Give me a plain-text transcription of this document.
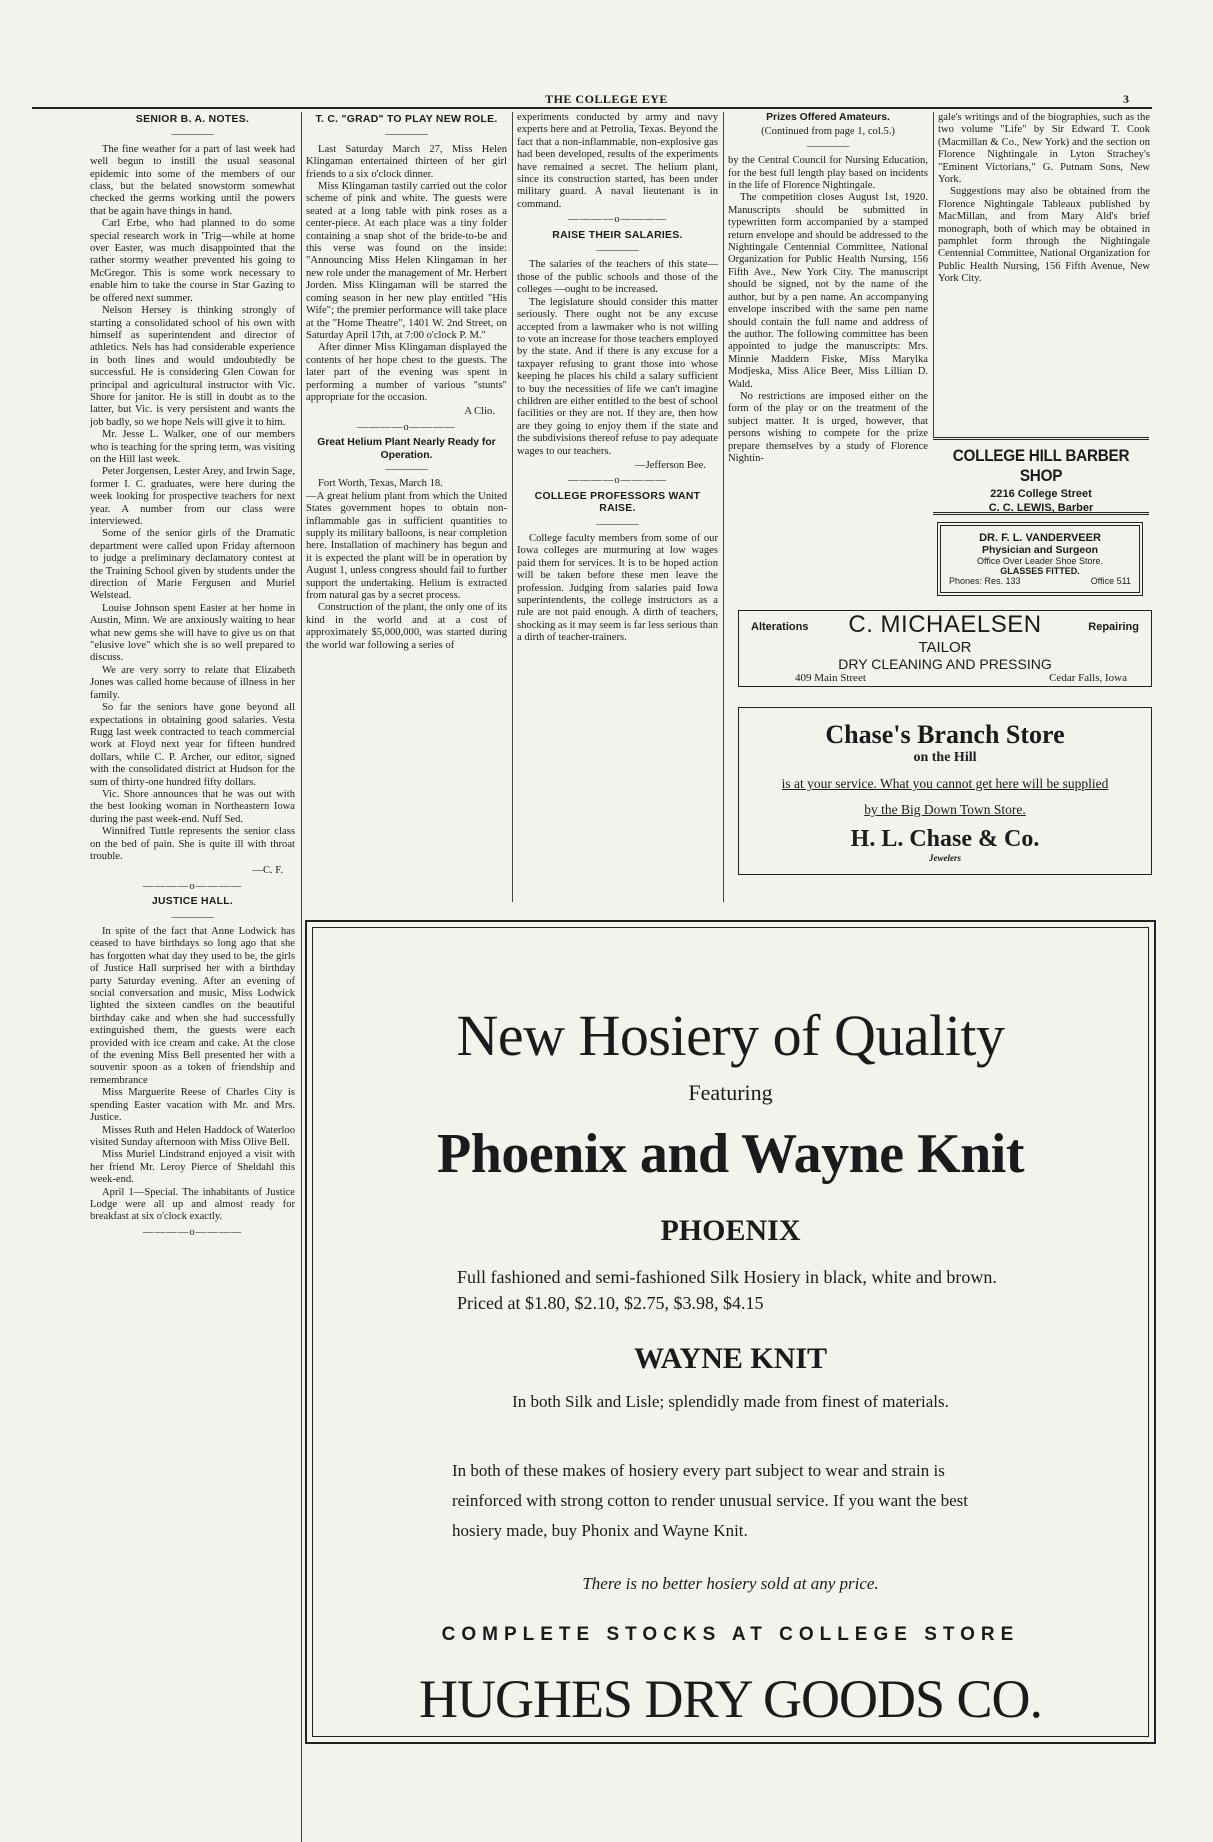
THE COLLEGE EYE	3
SENIOR B. A. NOTES.
————

The fine weather for a part of last week had well begun to instill the usual seasonal epidemic into some of the members of our class, but the belated snowstorm somewhat checked the germs working until the powers that be again have things in hand.

Carl Erbe, who had planned to do some special research work in 'Trig—while at home over Easter, was much disappointed that the rather stormy weather prevented his going to McGregor. This is some work necessary to enable him to take the course in Star Gazing to be offered next summer.

Nelson Hersey is thinking strongly of starting a consolidated school of his own with himself as superintendent and director of athletics. Nels has had considerable experience in both lines and would undoubtedly be successful. He is considering Glen Cowan for principal and agricultural instructor with Vic. Shore for janitor. He is still in doubt as to the latter, but Vic. is very persistent and wants the job badly, so we hope Nels will give it to him.

Mr. Jesse L. Walker, one of our members who is teaching for the spring term, was visiting on the Hill last week.

Peter Jorgensen, Lester Arey, and Irwin Sage, former I. C. graduates, were here during the week looking for prospective teachers for next year. A number from our class were interviewed.

Some of the senior girls of the Dramatic department were called upon Friday afternoon to judge a preliminary declamatory contest at the Training School given by students under the direction of Marie Fergusen and Muriel Welstead.

Louise Johnson spent Easter at her home in Austin, Minn. We are anxiously waiting to hear what new gems she will have to give us on that "elusive love" which she is so well prepared to discuss.

We are very sorry to relate that Elizabeth Jones was called home because of illness in her family.

So far the seniors have gone beyond all expectations in obtaining good salaries. Vesta Rugg last week contracted to teach commercial work at Floyd next year for fifteen hundred dollars, while C. P. Archer, our editor, signed with the consolidated district at Hudson for the sum of thirty-one hundred fifty dollars.

Vic. Shore announces that he was out with the best looking woman in Northeastern Iowa during the past week-end. Nuff Sed.

Winnifred Tuttle represents the senior class on the bed of pain. She is quite ill with throat trouble.

—C. F.
————o————
JUSTICE HALL.
————

In spite of the fact that Anne Lodwick has ceased to have birthdays so long ago that she has forgotten what day they used to be, the girls of Justice Hall surprised her with a birthday party Saturday evening. After an evening of social conversation and music, Miss Lodwick lighted the sixteen candles on the beautiful birthday cake and when she had successfully extinguished them, the guests were each provided with ice cream and cake. At the close of the evening Miss Bell presented her with a souvenir spoon as a token of friendship and remembrance

Miss Marguerite Reese of Charles City is spending Easter vacation with Mr. and Mrs. Justice.

Misses Ruth and Helen Haddock of Waterloo visited Sunday afternoon with Miss Olive Bell.

Miss Muriel Lindstrand enjoyed a visit with her friend Mr. Leroy Pierce of Sheldahl this week-end.

April 1—Special. The inhabitants of Justice Lodge were all up and almost ready for breakfast at six o'clock exactly.

————o————
T. C. "GRAD" TO PLAY NEW ROLE.
————

Last Saturday March 27, Miss Helen Klingaman entertained thirteen of her girl friends to a six o'clock dinner.

Miss Klingaman tastily carried out the color scheme of pink and white. The guests were seated at a long table with pink roses as a center-piece. At each place was a tiny folder containing a snap shot of the bride-to-be and this verse was found on the inside: "Announcing Miss Helen Klingaman in her new role under the management of Mr. Herbert Jorden. Miss Klingaman will be starred the coming season in her new play entitled "His Wife"; the premier performance will take place at the "Home Theatre", 1401 W. 2nd Street, on Saturday April 17th, at 7:00 o'clock P. M."

After dinner Miss Klingaman displayed the contents of her hope chest to the guests. The later part of the evening was spent in performing a number of various "stunts" appropriate for the occasion.

A Clio.
————o————
Great Helium Plant Nearly Ready for Operation.
————

Fort Worth, Texas, March 18.

—A great helium plant from which the United States government hopes to obtain non-inflammable gas in sufficient quantities to supply its military balloons, is near completion here. Installation of machinery has begun and it is expected the plant will be in operation by August 1, unless congress should fail to further support the undertaking. Helium is extracted from natural gas by a secret process.

Construction of the plant, the only one of its kind in the world and at a cost of approximately $5,000,000, was started during the world war following a series of

experiments conducted by army and navy experts here and at Petrolia, Texas. Beyond the fact that a non-inflammable, non-explosive gas had been developed, results of the experiments have remained a secret. The helium plant, since its construction started, has been under military guard. A naval lieutenant is in command.

————o————
RAISE THEIR SALARIES.
————

The salaries of the teachers of this state—those of the public schools and those of the colleges —ought to be increased.

The legislature should consider this matter seriously. There ought not be any excuse accepted from a lawmaker who is not willing to vote an increase for those teachers employed by the state. And if there is any excuse for a taxpayer refusing to grant those into whose keeping he places his child a salary sufficient to buy the necessities of life we can't imagine children are either entitled to the best of school facilities or they are not. If they are, then how are they going to enjoy them if the state and the subdivisions thereof refuse to pay adequate wages to our teachers.

—Jefferson Bee.
————o————
COLLEGE PROFESSORS WANT RAISE.
————

College faculty members from some of our Iowa colleges are murmuring at low wages paid them for services. It is to be hoped action will be taken before these men leave the profession. Judging from salaries paid Iowa superintendents, the college instructors as a rule are not paid enough. A dirth of teachers, shocking as it may seem is far less serious than a dirth of teacher-trainers.

Prizes Offered Amateurs.
(Continued from page 1, col.5.)
————

by the Central Council for Nursing Education, for the best full length play based on incidents in the life of Florence Nightingale.

The competition closes August 1st, 1920. Manuscripts should be submitted in typewritten form accompanied by a stamped return envelope and should be addressed to the Nightingale Centennial Committee, National Organization for Public Health Nursing, 156 Fifth Ave., New York City. The manuscript should be signed, not by the name of the author, but by a pen name. An accompanying envelope inscribed with the same pen name should contain the full name and address of the author. The following committee has been appointed to judge the manuscripts: Mrs. Minnie Maddern Fiske, Miss Marylka Modjeska, Miss Alice Beer, Miss Lillian D. Wald.

No restrictions are imposed either on the form of the play or on the treatment of the subject matter. It is urged, however, that persons wishing to compete for the prize prepare themselves by a study of Florence Nightin-

gale's writings and of the biographies, such as the two volume "Life" by Sir Edward T. Cook (Macmillan & Co., New York) and the section on Florence Nightingale in Lyton Strachey's "Eminent Victorians," G. Putnam Sons, New York.

Suggestions may also be obtained from the Florence Nightingale Tableaux published by MacMillan, and from Mary Ald's brief monograph, both of which may be obtained in pamphlet form through the Nightingale Centennial Committee, National Organization for Public Health Nursing, 156 Fifth Avenue, New York City.

COLLEGE HILL BARBER SHOP
2216 College Street
C. C. LEWIS, Barber
DR. F. L. VANDERVEER
Physician and Surgeon
Office Over Leader Shoe Store.
GLASSES FITTED.
Phones: Res. 133	Office 511
C. MICHAELSEN
Alterations	Repairing
TAILOR
DRY CLEANING AND PRESSING
409 Main Street	Cedar Falls, Iowa
Chase's Branch Store
on the Hill
is at your service. What you cannot get here will be supplied
by the Big Down Town Store.
H. L. Chase & Co.
Jewelers
New Hosiery of Quality
Featuring
Phoenix and Wayne Knit
PHOENIX
Full fashioned and semi-fashioned Silk Hosiery in black, white and brown. Priced at $1.80, $2.10, $2.75, $3.98, $4.15
WAYNE KNIT
In both Silk and Lisle; splendidly made from finest of materials.
In both of these makes of hosiery every part subject to wear and strain is reinforced with strong cotton to render unusual service. If you want the best hosiery made, buy Phonix and Wayne Knit.
There is no better hosiery sold at any price.
COMPLETE STOCKS AT COLLEGE STORE
HUGHES DRY GOODS CO.
